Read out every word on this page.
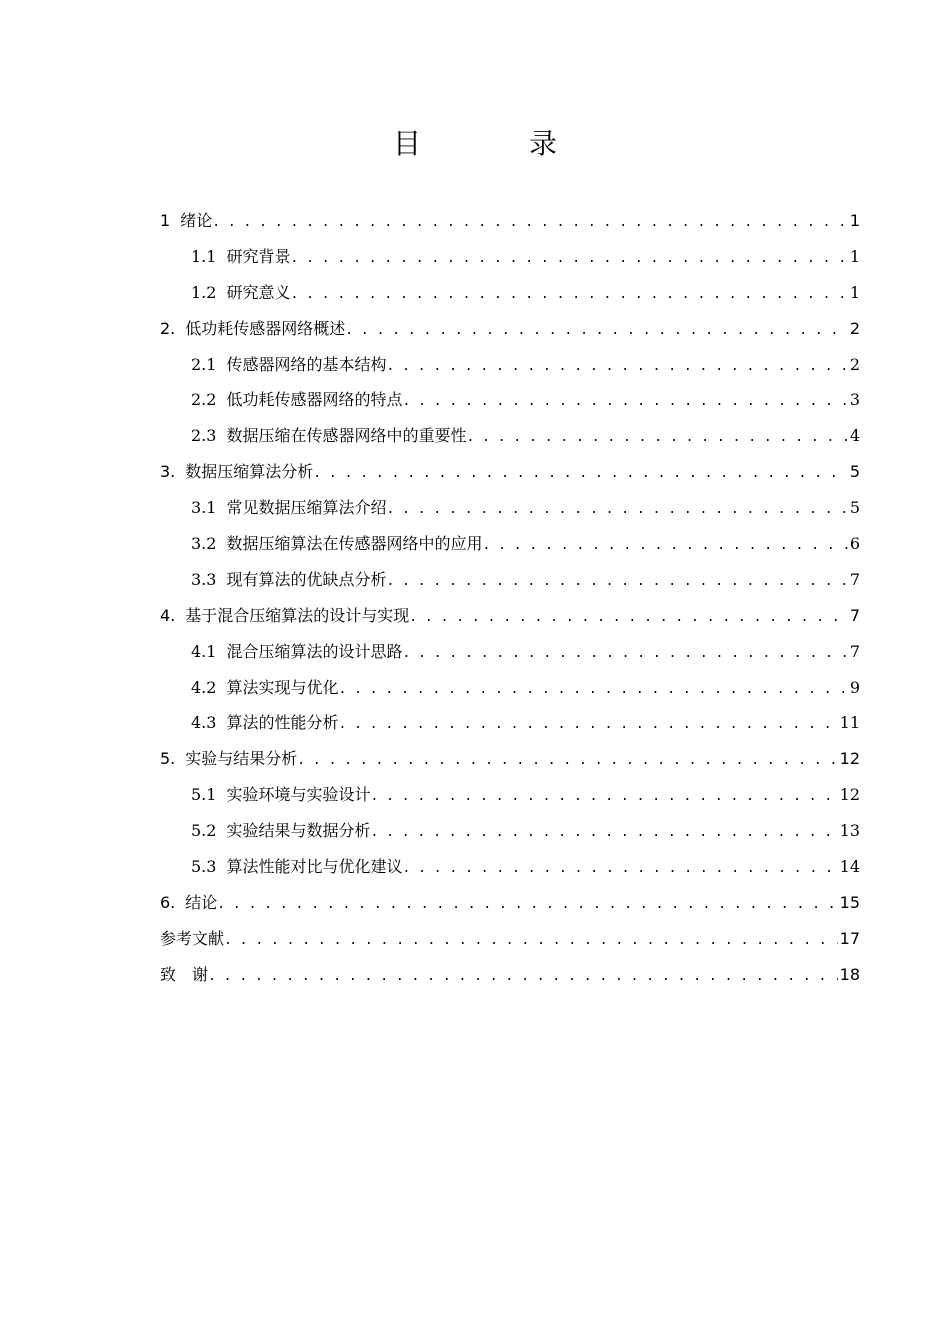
目　录
1 绪论 . . .	1
1.1 研究背景 . . .	1
1.2 研究意义 . . .	1
2. 低功耗传感器网络概述 . . .	2
2.1 传感器网络的基本结构 . . .	2
2.2 低功耗传感器网络的特点 . . .	3
2.3 数据压缩在传感器网络中的重要性 . . .	4
3. 数据压缩算法分析 . . .	5
3.1 常见数据压缩算法介绍 . . .	5
3.2 数据压缩算法在传感器网络中的应用 . . .	6
3.3 现有算法的优缺点分析 . . .	7
4. 基于混合压缩算法的设计与实现 . . .	7
4.1 混合压缩算法的设计思路 . . .	7
4.2 算法实现与优化 . . .	9
4.3 算法的性能分析 . . .	11
5. 实验与结果分析 . . .	12
5.1 实验环境与实验设计 . . .	12
5.2 实验结果与数据分析 . . .	13
5.3 算法性能对比与优化建议 . . .	14
6. 结论 . . .	15
参考文献 . . .	17
致　谢 . . .	18
